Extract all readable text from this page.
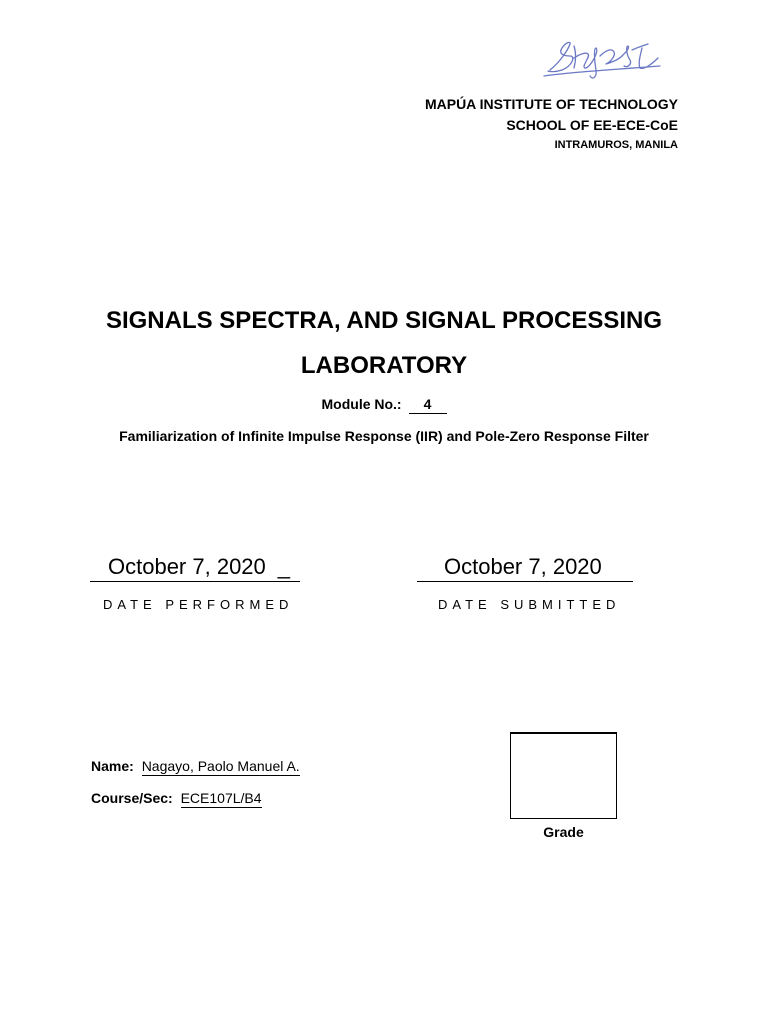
MAPÚA INSTITUTE OF TECHNOLOGY
SCHOOL OF EE-ECE-CoE
INTRAMUROS, MANILA
SIGNALS SPECTRA, AND SIGNAL PROCESSING
LABORATORY
Module No.: 4
Familiarization of Infinite Impulse Response (IIR) and Pole-Zero Response Filter
October 7, 2020 _	October 7, 2020
DATE PERFORMED	DATE SUBMITTED
Name: Nagayo, Paolo Manuel A.
Course/Sec: ECE107L/B4
Grade
